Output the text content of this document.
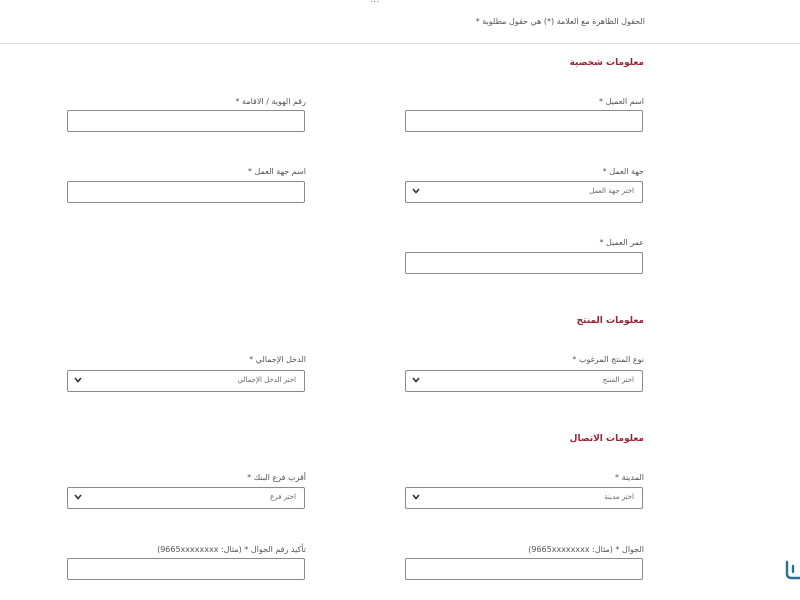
الحقول الظاهرة مع العلامة (*) هي حقول مطلوبة *
معلومات شخصية
اسم العميل *
رقم الهوية / الاقامة *
جهة العمل *
اختر جهة العمل
اسم جهة العمل *
عمر العميل *
معلومات المنتج
نوع المنتج المرغوب *
اختر المنتج
الدخل الإجمالي *
اختر الدخل الإجمالي
معلومات الاتصال
المدينة *
اختر مدينة
أقرب فرع البنك *
اختر فرع
الجوال * (مثال: 9665xxxxxxxx)
تأكيد رقم الجوال * (مثال: 9665xxxxxxxx)
